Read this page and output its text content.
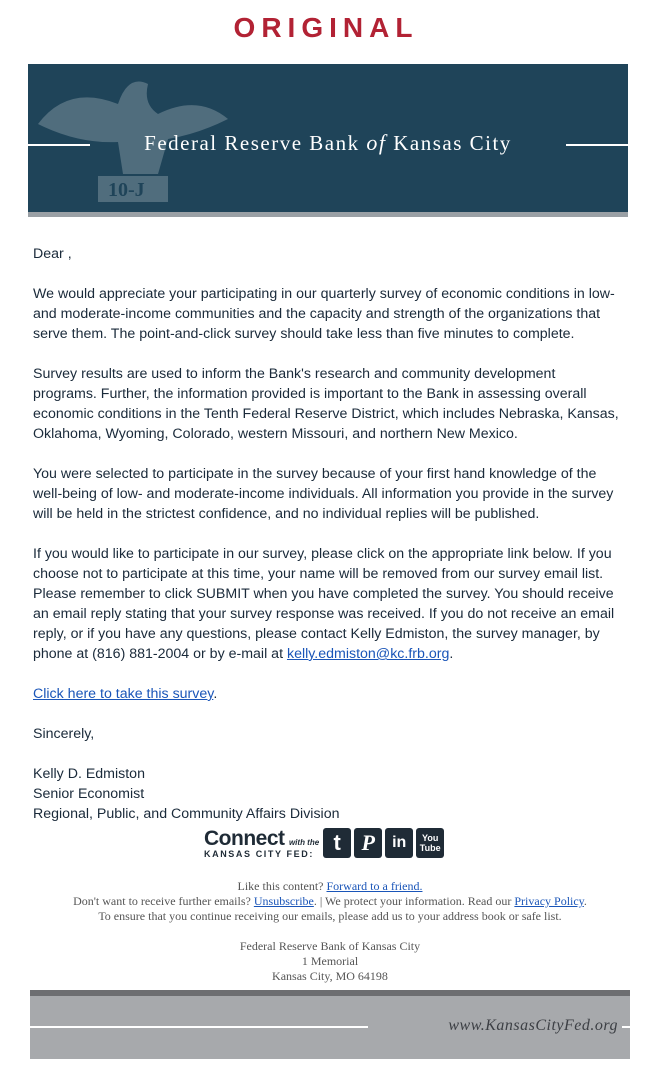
ORIGINAL
10-J
Federal Reserve Bank of Kansas City

Dear ,

We would appreciate your participating in our quarterly survey of economic conditions in low- and moderate-income communities and the capacity and strength of the organizations that serve them. The point-and-click survey should take less than five minutes to complete.

Survey results are used to inform the Bank's research and community development programs. Further, the information provided is important to the Bank in assessing overall economic conditions in the Tenth Federal Reserve District, which includes Nebraska, Kansas, Oklahoma, Wyoming, Colorado, western Missouri, and northern New Mexico.

You were selected to participate in the survey because of your first hand knowledge of the well-being of low- and moderate-income individuals. All information you provide in the survey will be held in the strictest confidence, and no individual replies will be published.

If you would like to participate in our survey, please click on the appropriate link below. If you choose not to participate at this time, your name will be removed from our survey email list. Please remember to click SUBMIT when you have completed the survey. You should receive an email reply stating that your survey response was received. If you do not receive an email reply, or if you have any questions, please contact Kelly Edmiston, the survey manager, by phone at (816) 881-2004 or by e-mail at kelly.edmiston@kc.frb.org.

Click here to take this survey.

Sincerely,

Kelly D. Edmiston

Senior Economist

Regional, Public, and Community Affairs Division

Connect with the
KANSAS CITY FED: t P	in	You
Tube
Like this content? Forward to a friend.
Don't want to receive further emails? Unsubscribe. | We protect your information. Read our Privacy Policy.
To ensure that you continue receiving our emails, please add us to your address book or safe list.
Federal Reserve Bank of Kansas City
1 Memorial
Kansas City, MO 64198
www.KansasCityFed.org
